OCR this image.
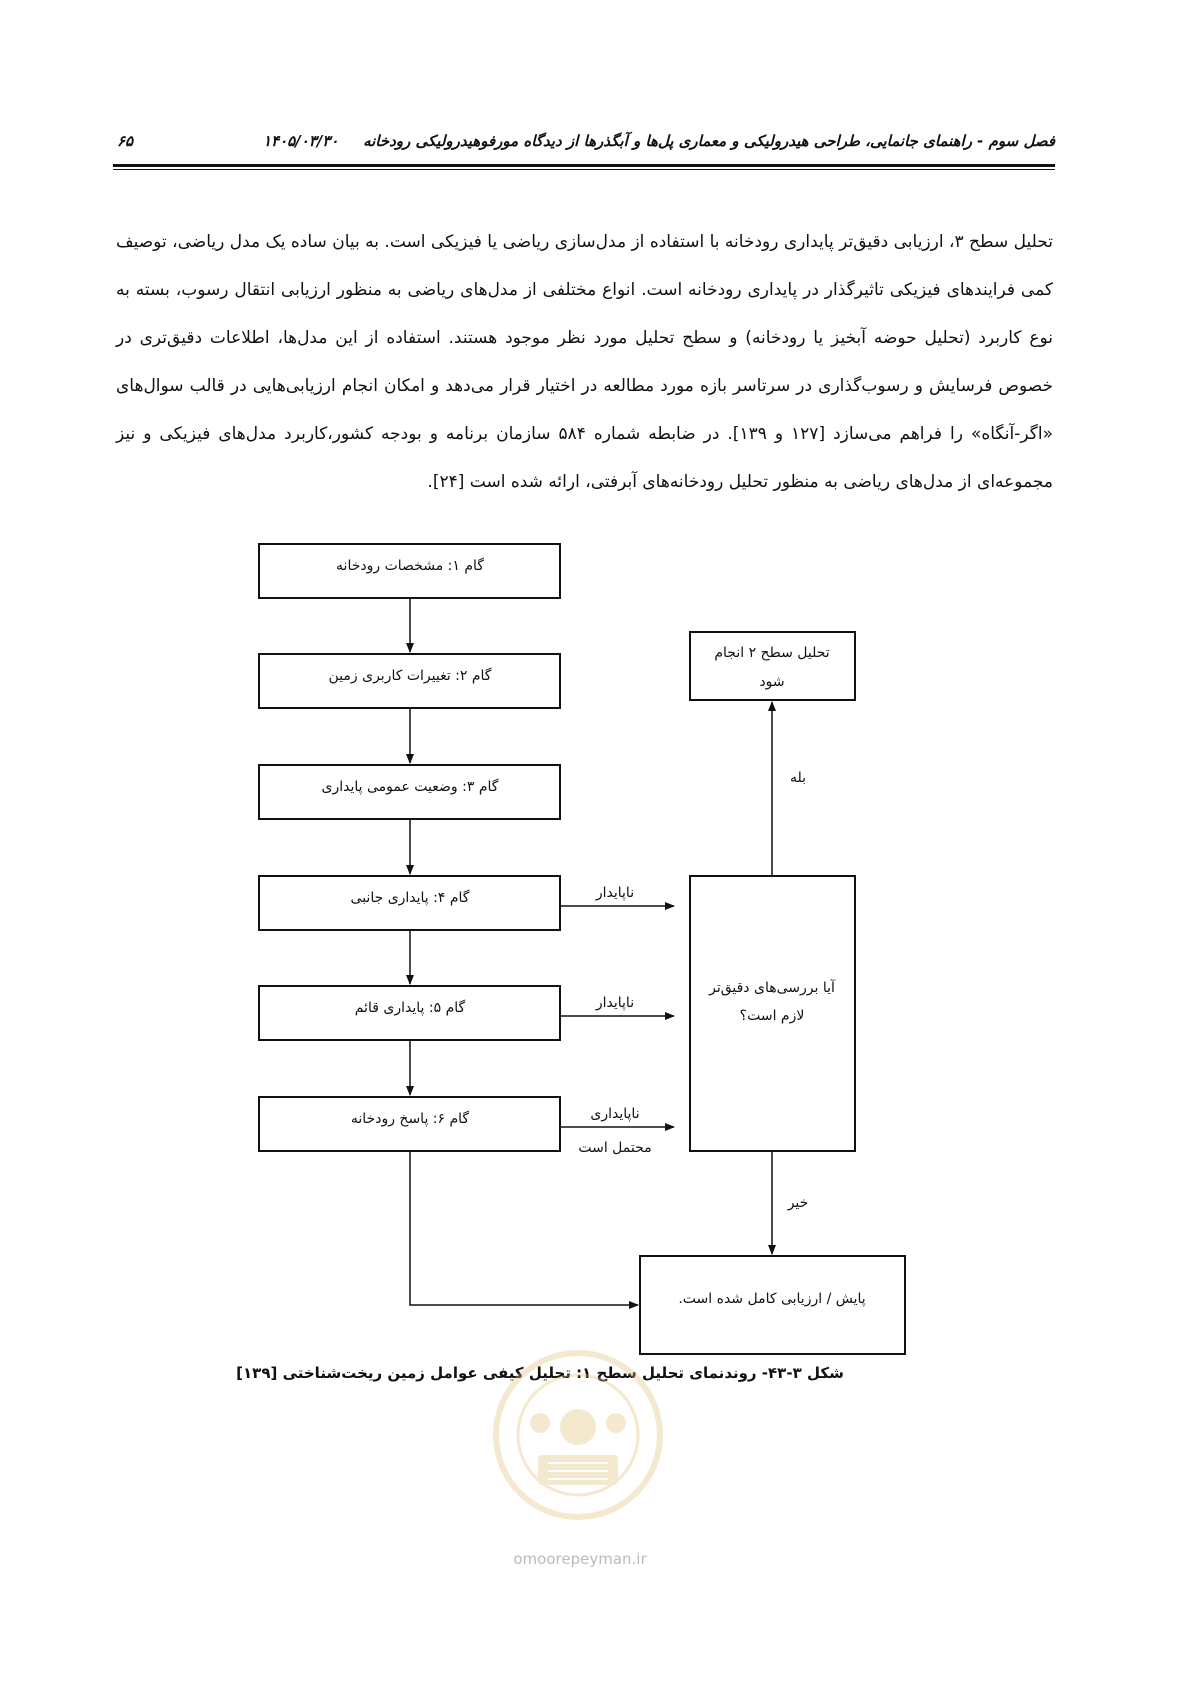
فصل سوم - راهنمای جانمایی، طراحی هیدرولیکی و معماری پل‌ها و آبگذرها از دیدگاه مورفوهیدرولیکی رودخانه
۱۴۰۵/۰۳/۳۰
۶۵

تحلیل سطح ۳، ارزیابی دقیق‌تر پایداری رودخانه با استفاده از مدل‌سازی ریاضی یا فیزیکی است. به بیان ساده یک مدل ریاضی، توصیف کمی فرایندهای فیزیکی تاثیرگذار در پایداری رودخانه است. انواع مختلفی از مدل‌های ریاضی به منظور ارزیابی انتقال رسوب، بسته به نوع کاربرد (تحلیل حوضه آبخیز یا رودخانه) و سطح تحلیل مورد نظر موجود هستند. استفاده از این مدل‌ها، اطلاعات دقیق‌تری در خصوص فرسایش و رسوب‌گذاری در سرتاسر بازه مورد مطالعه در اختیار قرار می‌دهد و امکان انجام ارزیابی‌هایی در قالب سوال‌های «اگر-آنگاه» را فراهم می‌سازد [۱۲۷ و ۱۳۹]. در ضابطه شماره ۵۸۴ سازمان برنامه و بودجه کشور،کاربرد مدل‌های فیزیکی و نیز مجموعه‌ای از مدل‌های ریاضی به منظور تحلیل رودخانه‌های آبرفتی، ارائه شده است [۲۴].

گام ۱: مشخصات رودخانه
گام ۲: تغییرات کاربری زمین
گام ۳: وضعیت عمومی پایداری
گام ۴: پایداری جانبی
گام ۵: پایداری قائم
گام ۶: پاسخ رودخانه
آیا بررسی‌های دقیق‌تر
لازم است؟
تحلیل سطح ۲ انجام
شود
پایش / ارزیابی کامل شده است.
ناپایدار
ناپایدار
ناپایداری
محتمل است
بله
خیر
شکل ۳-۴۳- روندنمای تحلیل سطح ۱: تحلیل کیفی عوامل زمین ریخت‌شناختی [۱۳۹]
omoorepeyman.ir
